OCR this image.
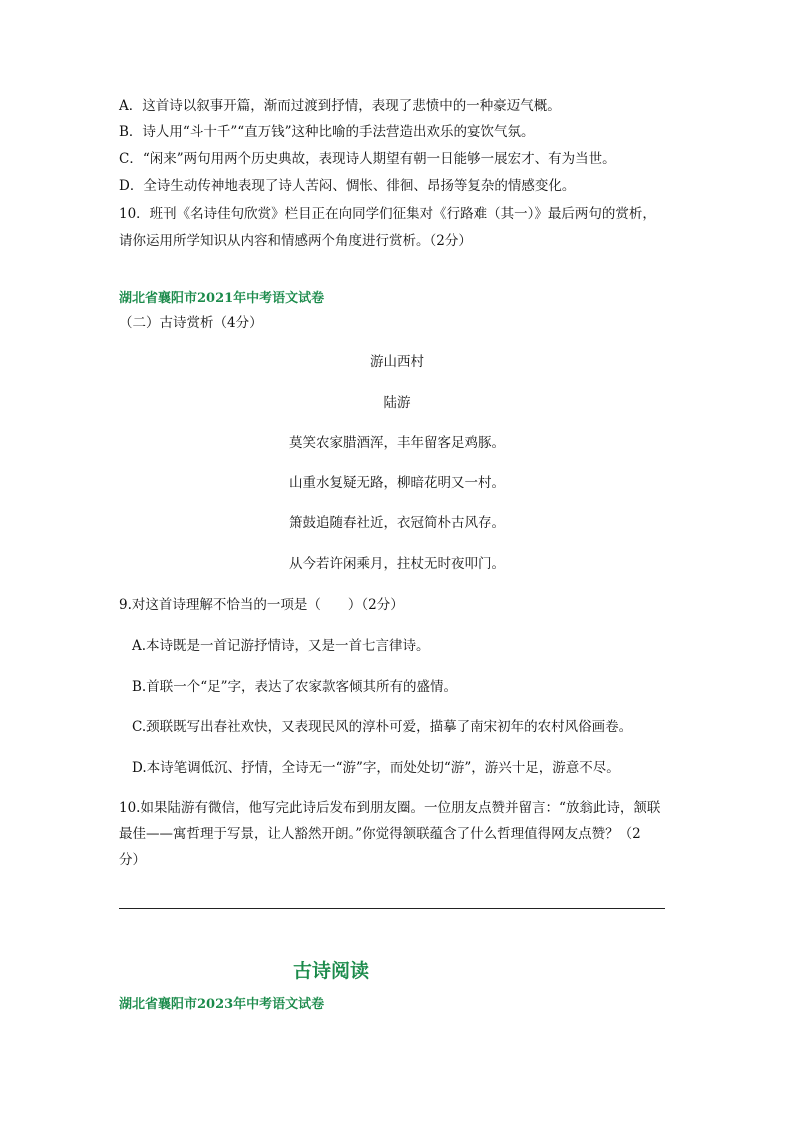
A．这首诗以叙事开篇，渐而过渡到抒情，表现了悲愤中的一种豪迈气概。
B．诗人用“斗十千”“直万钱”这种比喻的手法营造出欢乐的宴饮气氛。
C．“闲来”两句用两个历史典故，表现诗人期望有朝一日能够一展宏才、有为当世。
D．全诗生动传神地表现了诗人苦闷、惆怅、徘徊、昂扬等复杂的情感变化。
10．班刊《名诗佳句欣赏》栏目正在向同学们征集对《行路难（其一）》最后两句的赏析，
请你运用所学知识从内容和情感两个角度进行赏析。（2分）
湖北省襄阳市2021年中考语文试卷
（二）古诗赏析（4分）
游山西村
陆游
莫笑农家腊酒浑，丰年留客足鸡豚。
山重水复疑无路，柳暗花明又一村。
箫鼓追随春社近，衣冠简朴古风存。
从今若许闲乘月，拄杖无时夜叩门。
9.对这首诗理解不恰当的一项是（　　）（2分）
A.本诗既是一首记游抒情诗，又是一首七言律诗。
B.首联一个“足”字，表达了农家款客倾其所有的盛情。
C.颈联既写出春社欢快，又表现民风的淳朴可爱，描摹了南宋初年的农村风俗画卷。
D.本诗笔调低沉、抒情，全诗无一“游”字，而处处切“游”，游兴十足，游意不尽。
10.如果陆游有微信，他写完此诗后发布到朋友圈。一位朋友点赞并留言：“放翁此诗，颔联
最佳——寓哲理于写景，让人豁然开朗。”你觉得颔联蕴含了什么哲理值得网友点赞？（2
分）
古诗阅读
湖北省襄阳市2023年中考语文试卷
